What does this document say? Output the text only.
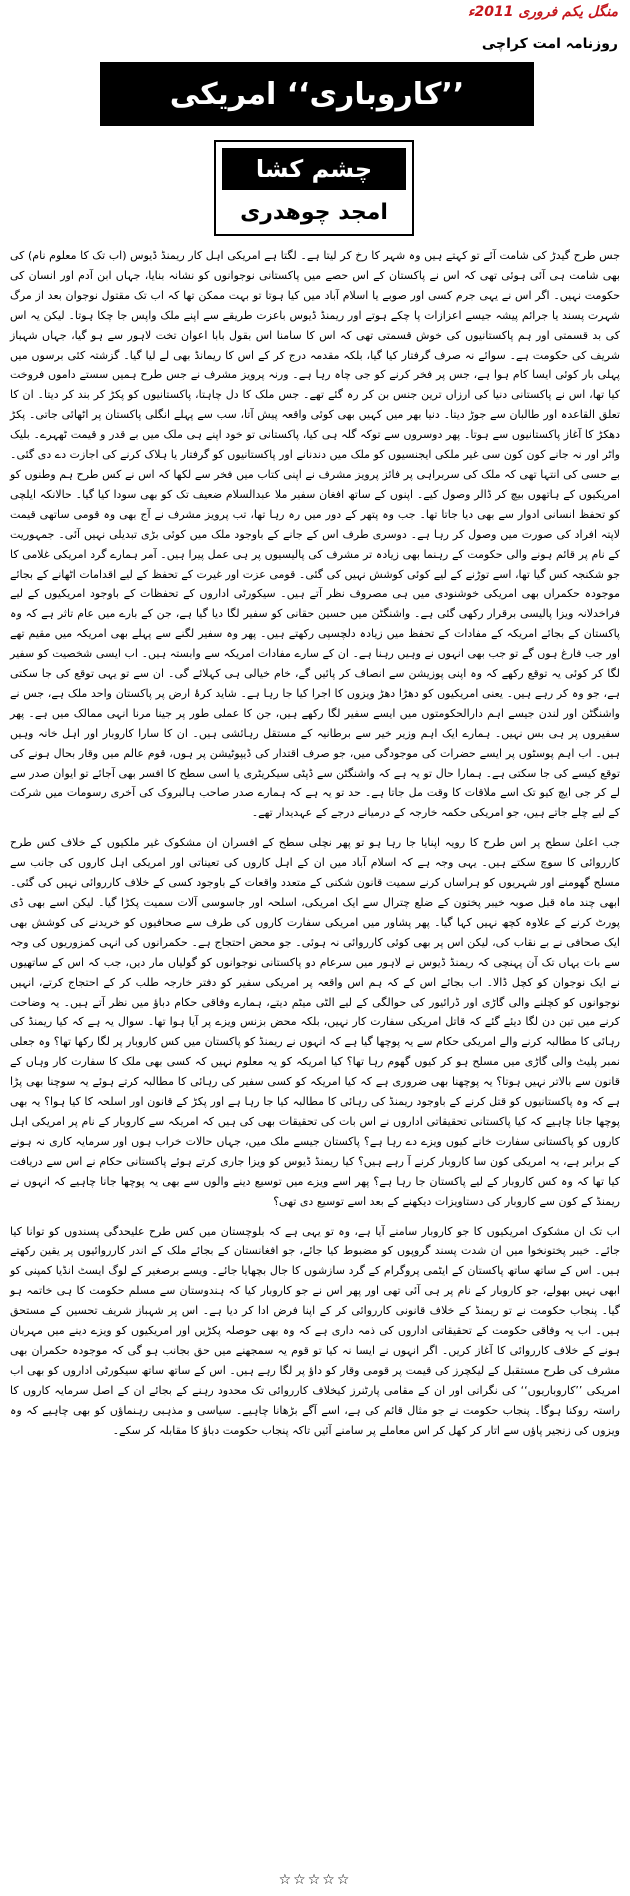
منگل یکم فروری 2011ء
روزنامہ امت کراچی
’’کاروباری‘‘ امریکی
چشم کشا
امجد چوھدری

جس طرح گیدڑ کی شامت آئے تو کہتے ہیں وہ شہر کا رخ کر لیتا ہے۔ لگتا ہے امریکی اہل کار ریمنڈ ڈیوس (اب تک کا معلوم نام) کی بھی شامت ہی آئی ہوئی تھی کہ اس نے پاکستان کے اس حصے میں پاکستانی نوجوانوں کو نشانہ بنایا، جہاں ابن آدم اور انسان کی حکومت نہیں۔ اگر اس نے یہی جرم کسی اور صوبے یا اسلام آباد میں کیا ہوتا تو بہت ممکن تھا کہ اب تک مقتول نوجوان بعد از مرگ شہرت پسند یا جرائم پیشہ جیسے اعزازات پا چکے ہوتے اور ریمنڈ ڈیوس باعزت طریقے سے اپنے ملک واپس جا چکا ہوتا۔ لیکن یہ اس کی بد قسمتی اور ہم پاکستانیوں کی خوش قسمتی تھی کہ اس کا سامنا اس بقول بابا اعوان تخت لاہور سے ہو گیا، جہاں شہباز شریف کی حکومت ہے۔ سوائے نہ صرف گرفتار کیا گیا، بلکہ مقدمہ درج کر کے اس کا ریمانڈ بھی لے لیا گیا۔ گزشتہ کئی برسوں میں پہلی بار کوئی ایسا کام ہوا ہے، جس پر فخر کرنے کو جی چاہ رہا ہے۔ ورنہ پرویز مشرف نے جس طرح ہمیں سستے داموں فروخت کیا تھا، اس نے پاکستانی دنیا کی ارزاں ترین جنس بن کر رہ گئے تھے۔ جس ملک کا دل چاہتا، پاکستانیوں کو پکڑ کر بند کر دیتا۔ ان کا تعلق القاعدہ اور طالبان سے جوڑ دیتا۔ دنیا بھر میں کہیں بھی کوئی واقعہ پیش آتا، سب سے پہلے انگلی پاکستان پر اٹھائی جاتی۔ پکڑ دھکڑ کا آغاز پاکستانیوں سے ہوتا۔ پھر دوسروں سے توکہ گلہ ہی کیا، پاکستانی تو خود اپنے ہی ملک میں بے قدر و قیمت ٹھہرے۔ بلیک واٹر اور نہ جانے کون کون سی غیر ملکی ایجنسیوں کو ملک میں دندنانے اور پاکستانیوں کو گرفتار یا ہلاک کرنے کی اجازت دے دی گئی۔ بے حسی کی انتہا تھی کہ ملک کی سربراہی پر فائز پرویز مشرف نے اپنی کتاب میں فخر سے لکھا کہ اس نے کس طرح ہم وطنوں کو امریکیوں کے ہاتھوں بیچ کر ڈالر وصول کیے۔ اپنوں کے ساتھ افغان سفیر ملا عبدالسلام ضعیف تک کو بھی سودا کیا گیا۔ حالانکہ ایلچی کو تحفظ انسانی ادوار سے بھی دیا جاتا تھا۔ جب وہ پتھر کے دور میں رہ رہا تھا، تب پرویز مشرف نے آج بھی وہ قومی ساتھی قیمت لاپتہ افراد کی صورت میں وصول کر رہا ہے۔ دوسری طرف اس کے جانے کے باوجود ملک میں کوئی بڑی تبدیلی نہیں آئی۔ جمہوریت کے نام پر قائم ہونے والی حکومت کے رہنما بھی زیادہ تر مشرف کی پالیسیوں پر ہی عمل پیرا ہیں۔ آمر ہمارے گرد امریکی غلامی کا جو شکنجہ کس گیا تھا، اسے توڑنے کے لیے کوئی کوشش نہیں کی گئی۔ قومی عزت اور غیرت کے تحفظ کے لیے اقدامات اٹھانے کے بجائے موجودہ حکمراں بھی امریکی خوشنودی میں ہی مصروف نظر آتے ہیں۔ سیکورٹی اداروں کے تحفظات کے باوجود امریکیوں کے لیے فراخدلانہ ویزا پالیسی برقرار رکھی گئی ہے۔ واشنگٹن میں حسین حقانی کو سفیر لگا دیا گیا ہے، جن کے بارے میں عام تاثر ہے کہ وہ پاکستان کے بجائے امریکہ کے مفادات کے تحفظ میں زیادہ دلچسپی رکھتے ہیں۔ پھر وہ سفیر لگنے سے پہلے بھی امریکہ میں مقیم تھے اور جب فارغ ہوں گے تو جب بھی انہوں نے وہیں رہنا ہے۔ ان کے سارے مفادات امریکہ سے وابستہ ہیں۔ اب ایسی شخصیت کو سفیر لگا کر کوئی یہ توقع رکھے کہ وہ اپنی پوزیشن سے انصاف کر پائیں گے، خام خیالی ہی کہلائے گی۔ ان سے تو یہی توقع کی جا سکتی ہے، جو وہ کر رہے ہیں۔ یعنی امریکیوں کو دھڑا دھڑ ویزوں کا اجرا کیا جا رہا ہے۔ شاید کرۂ ارض پر پاکستان واحد ملک ہے، جس نے واشنگٹن اور لندن جیسے اہم دارالحکومتوں میں ایسے سفیر لگا رکھے ہیں، جن کا عملی طور پر جینا مرنا انہی ممالک میں ہے۔ پھر سفیروں پر ہی بس نہیں۔ ہمارے ایک اہم وزیر خیر سے برطانیہ کے مستقل رہائشی ہیں۔ ان کا سارا کاروبار اور اہل خانہ وہیں ہیں۔ اب اہم پوسٹوں پر ایسے حضرات کی موجودگی میں، جو صرف اقتدار کی ڈیپوٹیشن پر ہوں، قوم عالم میں وقار بحال ہونے کی توقع کیسے کی جا سکتی ہے۔ ہمارا حال تو یہ ہے کہ واشنگٹن سے ڈپٹی سیکریٹری یا اسی سطح کا افسر بھی آجائے تو ایوان صدر سے لے کر جی ایچ کیو تک اسے ملاقات کا وقت مل جاتا ہے۔ حد تو یہ ہے کہ ہمارے صدر صاحب ہالبروک کی آخری رسومات میں شرکت کے لیے چلے جاتے ہیں، جو امریکی حکمہ خارجہ کے درمیانے درجے کے عہدیدار تھے۔

جب اعلیٰ سطح پر اس طرح کا رویہ اپنایا جا رہا ہو تو پھر نچلی سطح کے افسران ان مشکوک غیر ملکیوں کے خلاف کس طرح کارروائی کا سوچ سکتے ہیں۔ یہی وجہ ہے کہ اسلام آباد میں ان کے اہل کاروں کی تعیناتی اور امریکی اہل کاروں کی جانب سے مسلح گھومنے اور شہریوں کو ہراساں کرنے سمیت قانون شکنی کے متعدد واقعات کے باوجود کسی کے خلاف کارروائی نہیں کی گئی۔ ابھی چند ماہ قبل صوبہ خیبر پختون کے ضلع چترال سے ایک امریکی، اسلحہ اور جاسوسی آلات سمیت پکڑا گیا۔ لیکن اسے بھی ڈی پورٹ کرنے کے علاوہ کچھ نہیں کہا گیا۔ پھر پشاور میں امریکی سفارت کاروں کی طرف سے صحافیوں کو خریدنے کی کوشش بھی ایک صحافی نے بے نقاب کی، لیکن اس پر بھی کوئی کارروائی نہ ہوئی۔ جو محض احتجاج ہے۔ حکمرانوں کی انہی کمزوریوں کی وجہ سے بات یہاں تک آن پہنچی کہ ریمنڈ ڈیوس نے لاہور میں سرعام دو پاکستانی نوجوانوں کو گولیاں مار دیں، جب کہ اس کے ساتھیوں نے ایک نوجوان کو کچل ڈالا۔ اب بجائے اس کے کہ ہم اس واقعہ پر امریکی سفیر کو دفتر خارجہ طلب کر کے احتجاج کرتے، انہیں نوجوانوں کو کچلنے والی گاڑی اور ڈرائیور کی حوالگی کے لیے الٹی میٹم دیتے، ہمارے وفاقی حکام دباؤ میں نظر آتے ہیں۔ یہ وضاحت کرنے میں تین دن لگا دیئے گئے کہ قاتل امریکی سفارت کار نہیں، بلکہ محض بزنس ویزے پر آیا ہوا تھا۔ سوال یہ ہے کہ کیا ریمنڈ کی رہائی کا مطالبہ کرنے والے امریکی حکام سے یہ پوچھا گیا ہے کہ انہوں نے ریمنڈ کو پاکستان میں کس کاروبار پر لگا رکھا تھا؟ وہ جعلی نمبر پلیٹ والی گاڑی میں مسلح ہو کر کیوں گھوم رہا تھا؟ کیا امریکہ کو یہ معلوم نہیں کہ کسی بھی ملک کا سفارت کار وہاں کے قانون سے بالاتر نہیں ہوتا؟ یہ پوچھنا بھی ضروری ہے کہ کیا امریکہ کو کسی سفیر کی رہائی کا مطالبہ کرتے ہوئے یہ سوچنا بھی پڑا ہے کہ وہ پاکستانیوں کو قتل کرنے کے باوجود ریمنڈ کی رہائی کا مطالبہ کیا جا رہا ہے اور پکڑ کے قانون اور اسلحہ کا کیا ہوا؟ یہ بھی پوچھا جانا چاہیے کہ کیا پاکستانی تحقیقاتی اداروں نے اس بات کی تحقیقات بھی کی ہیں کہ امریکہ سے کاروبار کے نام پر امریکی اہل کاروں کو پاکستانی سفارت خانے کیوں ویزے دے رہا ہے؟ پاکستان جیسے ملک میں، جہاں حالات خراب ہوں اور سرمایہ کاری نہ ہونے کے برابر ہے، یہ امریکی کون سا کاروبار کرنے آ رہے ہیں؟ کیا ریمنڈ ڈیوس کو ویزا جاری کرتے ہوئے پاکستانی حکام نے اس سے دریافت کیا تھا کہ وہ کس کاروبار کے لیے پاکستان جا رہا ہے؟ پھر اسے ویزے میں توسیع دینے والوں سے بھی یہ پوچھا جانا چاہیے کہ انہوں نے ریمنڈ کے کون سے کاروبار کی دستاویزات دیکھنے کے بعد اسے توسیع دی تھی؟

اب تک ان مشکوک امریکیوں کا جو کاروبار سامنے آیا ہے، وہ تو یہی ہے کہ بلوچستان میں کس طرح علیحدگی پسندوں کو توانا کیا جائے۔ خیبر پختونخوا میں ان شدت پسند گروپوں کو مضبوط کیا جائے، جو افغانستان کے بجائے ملک کے اندر کارروائیوں پر یقین رکھتے ہیں۔ اس کے ساتھ ساتھ پاکستان کے ایٹمی پروگرام کے گرد سازشوں کا جال بچھایا جائے۔ ویسے برصغیر کے لوگ ایسٹ انڈیا کمپنی کو ابھی نہیں بھولے، جو کاروبار کے نام پر ہی آئی تھی اور پھر اس نے جو کاروبار کیا کہ ہندوستان سے مسلم حکومت کا ہی خاتمہ ہو گیا۔ پنجاب حکومت نے تو ریمنڈ کے خلاف قانونی کارروائی کر کے اپنا فرض ادا کر دیا ہے۔ اس پر شہباز شریف تحسین کے مستحق ہیں۔ اب یہ وفاقی حکومت کے تحقیقاتی اداروں کی ذمہ داری ہے کہ وہ بھی حوصلہ پکڑیں اور امریکیوں کو ویزے دینے میں مہربان ہونے کے خلاف کارروائی کا آغاز کریں۔ اگر انہوں نے ایسا نہ کیا تو قوم یہ سمجھنے میں حق بجانب ہو گی کہ موجودہ حکمران بھی مشرف کی طرح مستقبل کے لیکچرز کی قیمت پر قومی وقار کو داؤ پر لگا رہے ہیں۔ اس کے ساتھ ساتھ سیکورٹی اداروں کو بھی اب امریکی ’’کاروباریوں‘‘ کی نگرانی اور ان کے مقامی پارٹنرز کیخلاف کارروائی تک محدود رہنے کے بجائے ان کے اصل سرمایہ کاروں کا راستہ روکنا ہوگا۔ پنجاب حکومت نے جو مثال قائم کی ہے، اسے آگے بڑھانا چاہیے۔ سیاسی و مذہبی رہنماؤں کو بھی چاہیے کہ وہ ویزوں کی زنجیر پاؤں سے اتار کر کھل کر اس معاملے پر سامنے آئیں تاکہ پنجاب حکومت دباؤ کا مقابلہ کر سکے۔

☆☆☆☆☆
